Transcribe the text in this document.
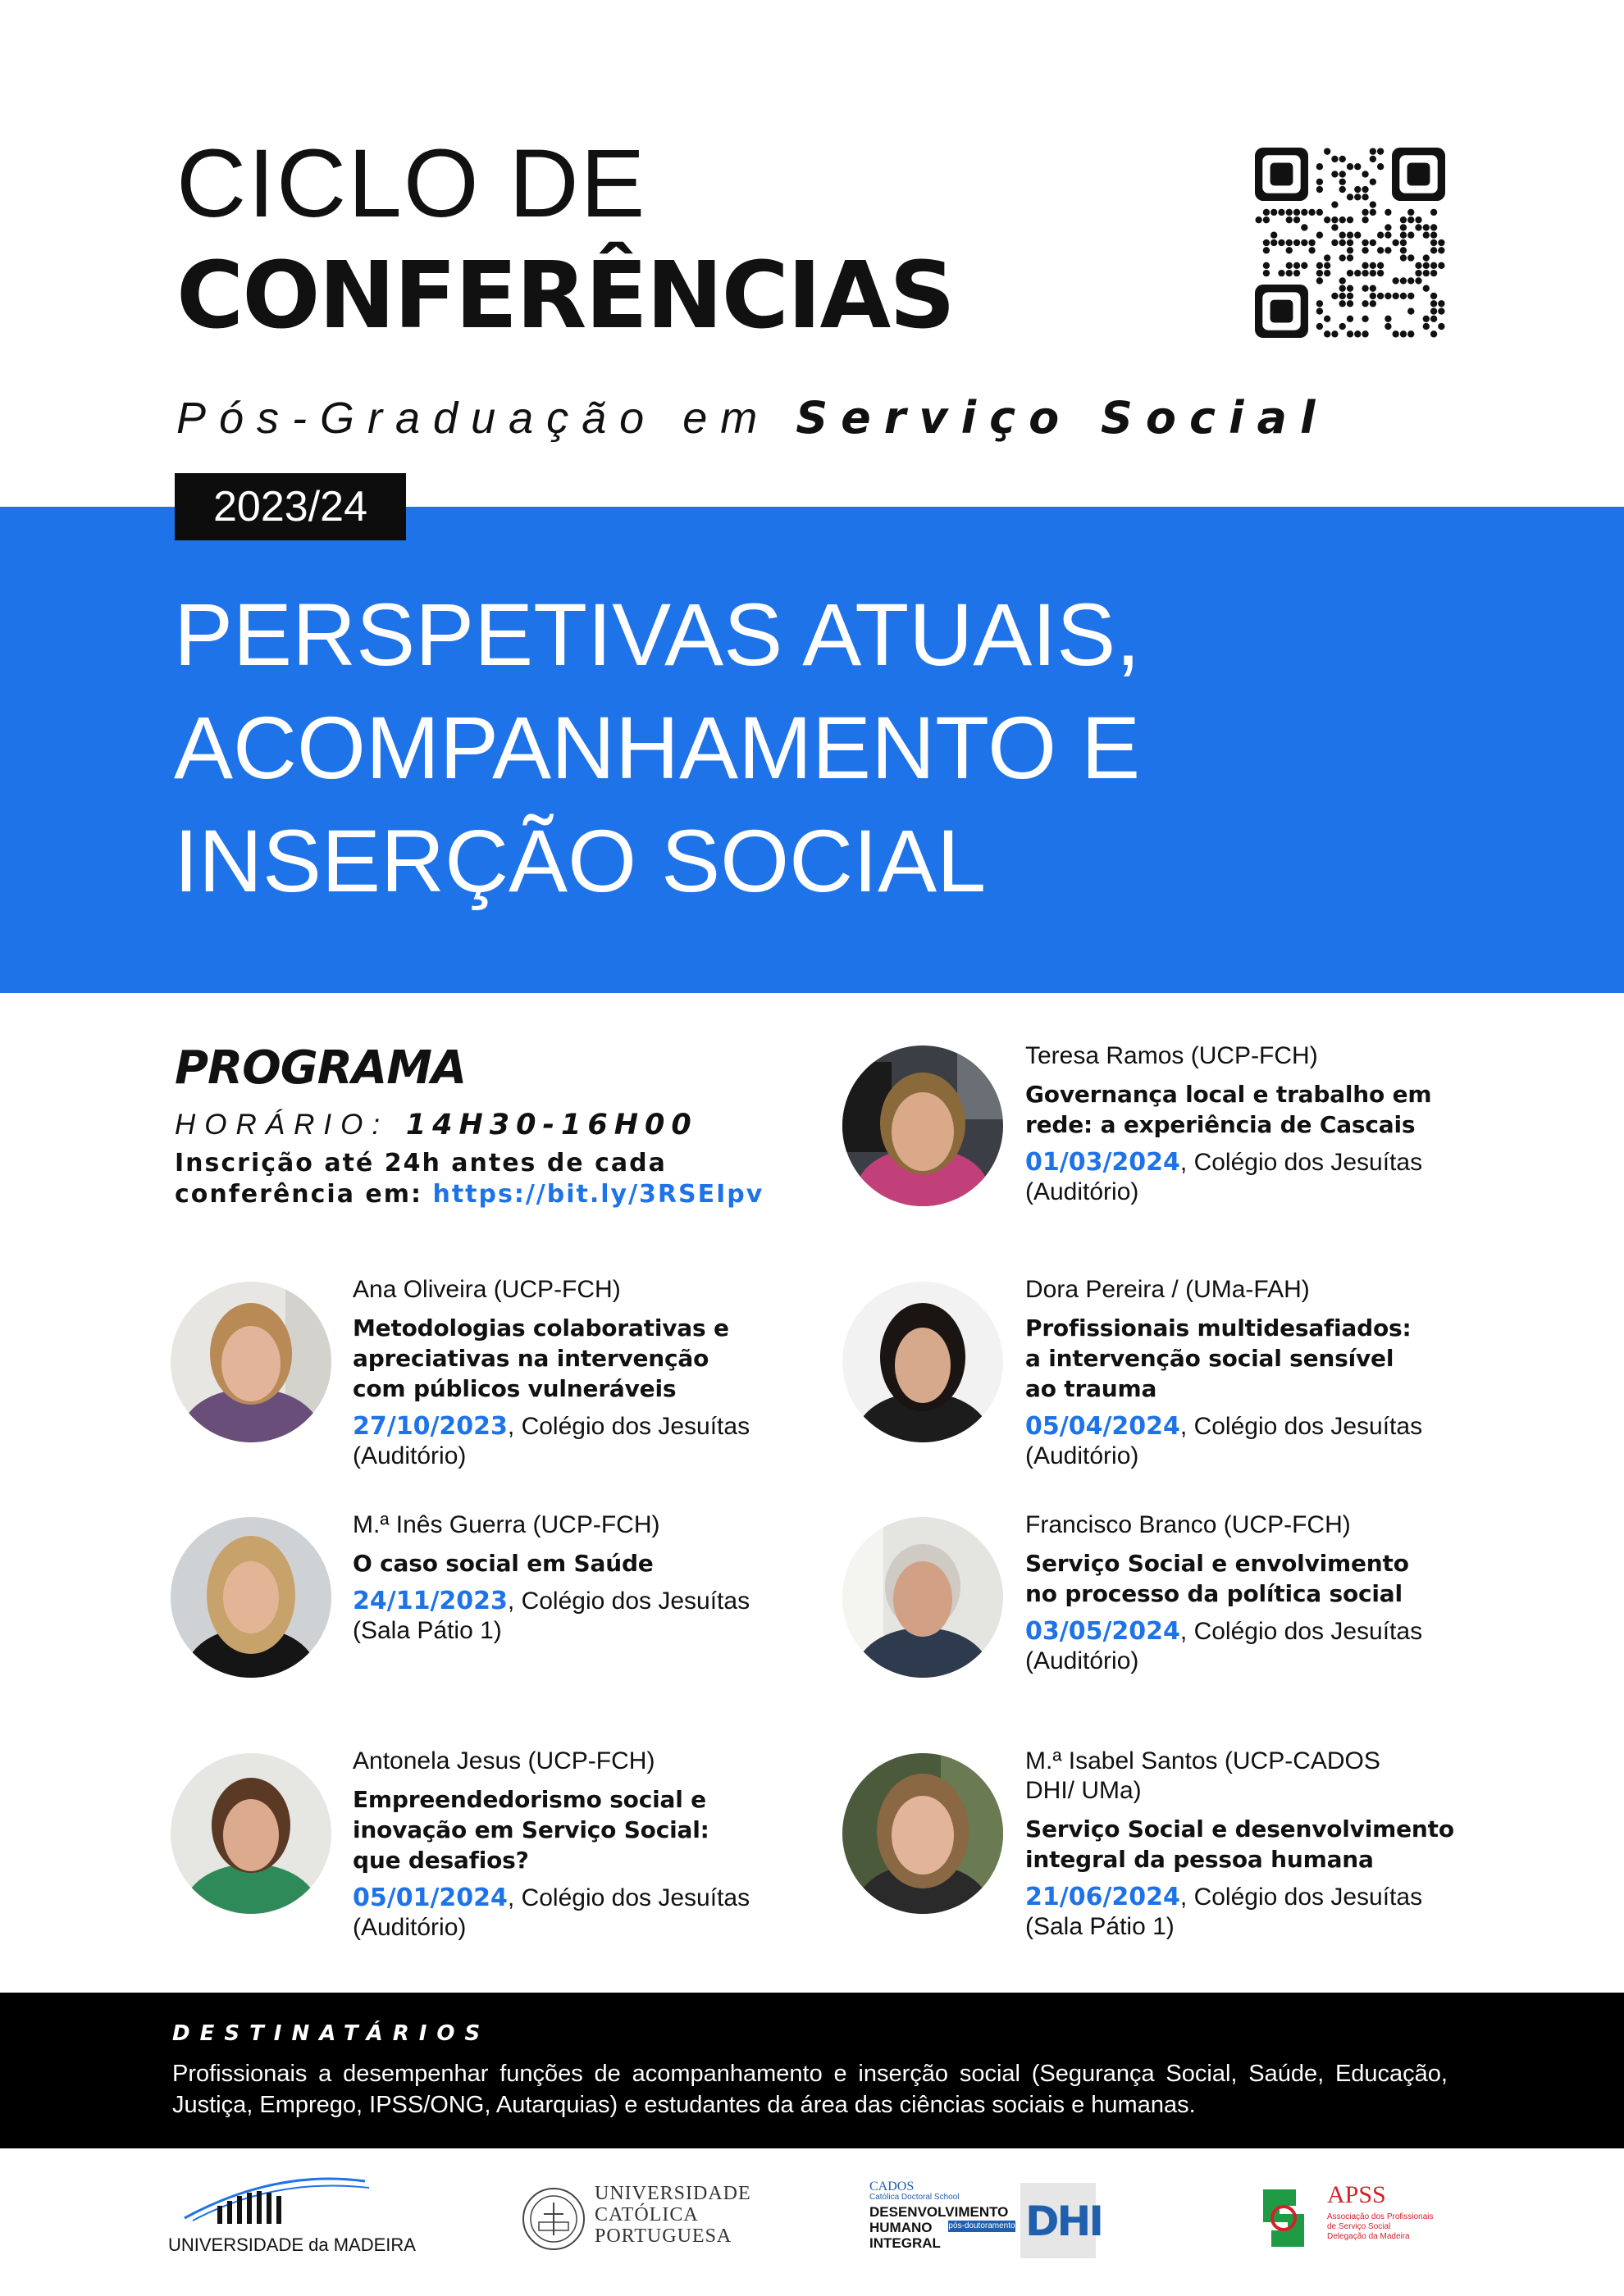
CICLO DE
CONFERÊNCIAS
Pós-Graduação em Serviço Social
2023/24
PERSPETIVAS ATUAIS,
ACOMPANHAMENTO E
INSERÇÃO SOCIAL
PROGRAMA
HORÁRIO: 14H30-16H00
Inscrição até 24h antes de cada
conferência em: https://bit.ly/3RSEIpv
Teresa Ramos (UCP-FCH)
Governança local e trabalho em
rede: a experiência de Cascais
01/03/2024, Colégio dos Jesuítas
(Auditório)
Ana Oliveira (UCP-FCH)
Metodologias colaborativas e
apreciativas na intervenção
com públicos vulneráveis
27/10/2023, Colégio dos Jesuítas
(Auditório)
Dora Pereira / (UMa-FAH)
Profissionais multidesafiados:
a intervenção social sensível
ao trauma
05/04/2024, Colégio dos Jesuítas
(Auditório)
M.ª Inês Guerra (UCP-FCH)
O caso social em Saúde
24/11/2023, Colégio dos Jesuítas
(Sala Pátio 1)
Francisco Branco (UCP-FCH)
Serviço Social e envolvimento
no processo da política social
03/05/2024, Colégio dos Jesuítas
(Auditório)
Antonela Jesus (UCP-FCH)
Empreendedorismo social e
inovação em Serviço Social:
que desafios?
05/01/2024, Colégio dos Jesuítas
(Auditório)
M.ª Isabel Santos (UCP-CADOS
DHI/ UMa)
Serviço Social e desenvolvimento
integral da pessoa humana
21/06/2024, Colégio dos Jesuítas
(Sala Pátio 1)
DESTINATÁRIOS
Profissionais a desempenhar funções de acompanhamento e inserção social (Segurança Social, Saúde, Educação, Justiça, Emprego, IPSS/ONG, Autarquias) e estudantes da área das ciências sociais e humanas.
UNIVERSIDADE da MADEIRA
UNIVERSIDADE
CATÓLICA
PORTUGUESA
CADOS
Católica Doctoral School
DESENVOLVIMENTO
HUMANO
INTEGRAL
pós-doutoramento DHI
APSS
Associação dos Profissionais
de Serviço Social
Delegação da Madeira
